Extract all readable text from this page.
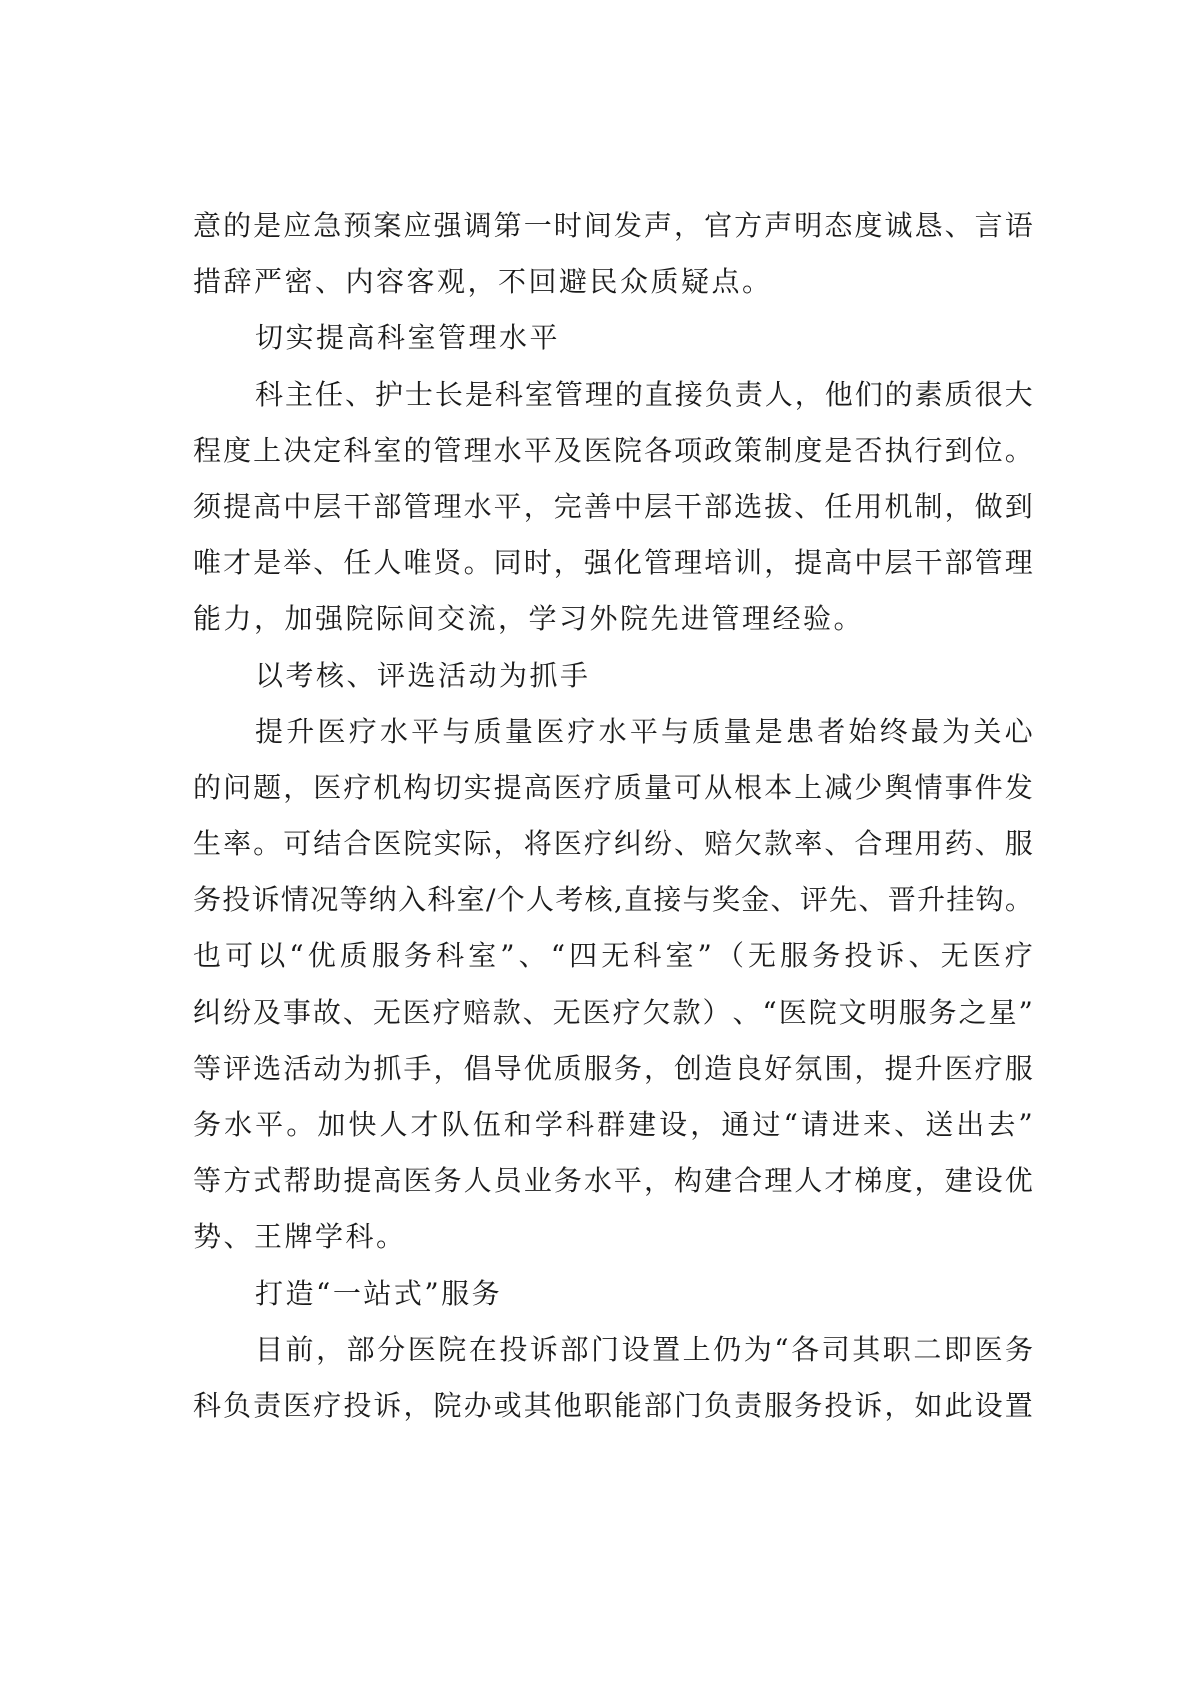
意 的 是 应 急 预 案 应 强 调 第 一 时 间 发 声 ， 官 方 声 明 态 度 诚 恳 、 言 语
措辞严密、内容客观，不回避民众质疑点。
切实提高科室管理水平
科 主 任 、 护 士 长 是 科 室 管 理 的 直 接 负 责 人 ， 他 们 的 素 质 很 大
程 度 上 决 定 科 室 的 管 理 水 平 及 医 院 各 项 政 策 制 度 是 否 执 行 到 位 。
须 提 高 中 层 干 部 管 理 水 平 ， 完 善 中 层 干 部 选 拔 、 任 用 机 制 ， 做 到
唯 才 是 举 、 任 人 唯 贤 。 同 时 ， 强 化 管 理 培 训 ， 提 高 中 层 干 部 管 理
能力，加强院际间交流，学习外院先进管理经验。
以考核、评选活动为抓手
提 升 医 疗 水 平 与 质 量 医 疗 水 平 与 质 量 是 患 者 始 终 最 为 关 心
的 问 题 ， 医 疗 机 构 切 实 提 高 医 疗 质 量 可 从 根 本 上 减 少 舆 情 事 件 发
生 率 。 可 结 合 医 院 实 际 ， 将 医 疗 纠 纷 、 赔 欠 款 率 、 合 理 用 药 、 服
务 投 诉 情 况 等 纳 入 科 室 / 个 人 考 核 , 直 接 与 奖 金 、 评 先 、 晋 升 挂 钩 。
也 可 以 “ 优 质 服 务 科 室 ” 、 “ 四 无 科 室 ” （ 无 服 务 投 诉 、 无 医 疗
纠 纷 及 事 故 、 无 医 疗 赔 款 、 无 医 疗 欠 款 ） 、 “ 医 院 文 明 服 务 之 星 ”
等 评 选 活 动 为 抓 手 ， 倡 导 优 质 服 务 ， 创 造 良 好 氛 围 ， 提 升 医 疗 服
务 水 平 。 加 快 人 才 队 伍 和 学 科 群 建 设 ， 通 过 “ 请 进 来 、 送 出 去 ”
等 方 式 帮 助 提 高 医 务 人 员 业 务 水 平 ， 构 建 合 理 人 才 梯 度 ， 建 设 优
势、王牌学科。
打造“一站式”服务
目 前 ， 部 分 医 院 在 投 诉 部 门 设 置 上 仍 为 “ 各 司 其 职 二 即 医 务
科 负 责 医 疗 投 诉 ， 院 办 或 其 他 职 能 部 门 负 责 服 务 投 诉 ， 如 此 设 置
